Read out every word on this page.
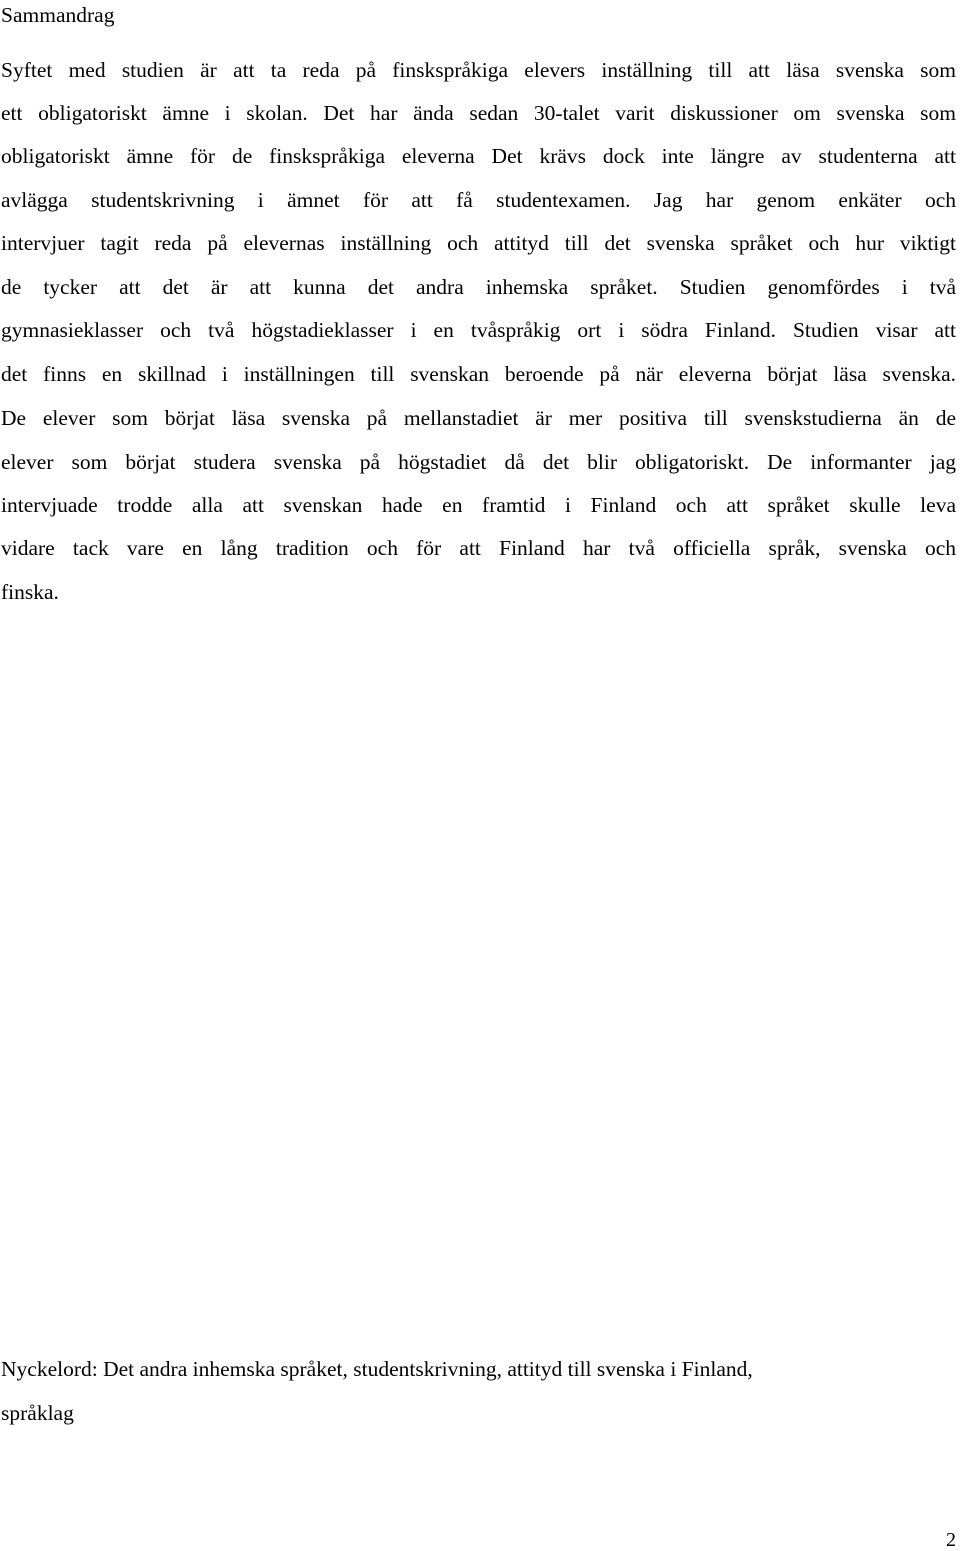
Sammandrag
Syftet med studien är att ta reda på finskspråkiga elevers inställning till att läsa svenska som
ett obligatoriskt ämne i skolan. Det har ända sedan 30-talet varit diskussioner om svenska som
obligatoriskt ämne för de finskspråkiga eleverna Det krävs dock inte längre av studenterna att
avlägga studentskrivning i ämnet för att få studentexamen. Jag har genom enkäter och
intervjuer tagit reda på elevernas inställning och attityd till det svenska språket och hur viktigt
de tycker att det är att kunna det andra inhemska språket. Studien genomfördes i två
gymnasieklasser och två högstadieklasser i en tvåspråkig ort i södra Finland. Studien visar att
det finns en skillnad i inställningen till svenskan beroende på när eleverna börjat läsa svenska.
De elever som börjat läsa svenska på mellanstadiet är mer positiva till svenskstudierna än de
elever som börjat studera svenska på högstadiet då det blir obligatoriskt. De informanter jag
intervjuade trodde alla att svenskan hade en framtid i Finland och att språket skulle leva
vidare tack vare en lång tradition och för att Finland har två officiella språk, svenska och
finska.
Nyckelord: Det andra inhemska språket, studentskrivning, attityd till svenska i Finland,
språklag
2
